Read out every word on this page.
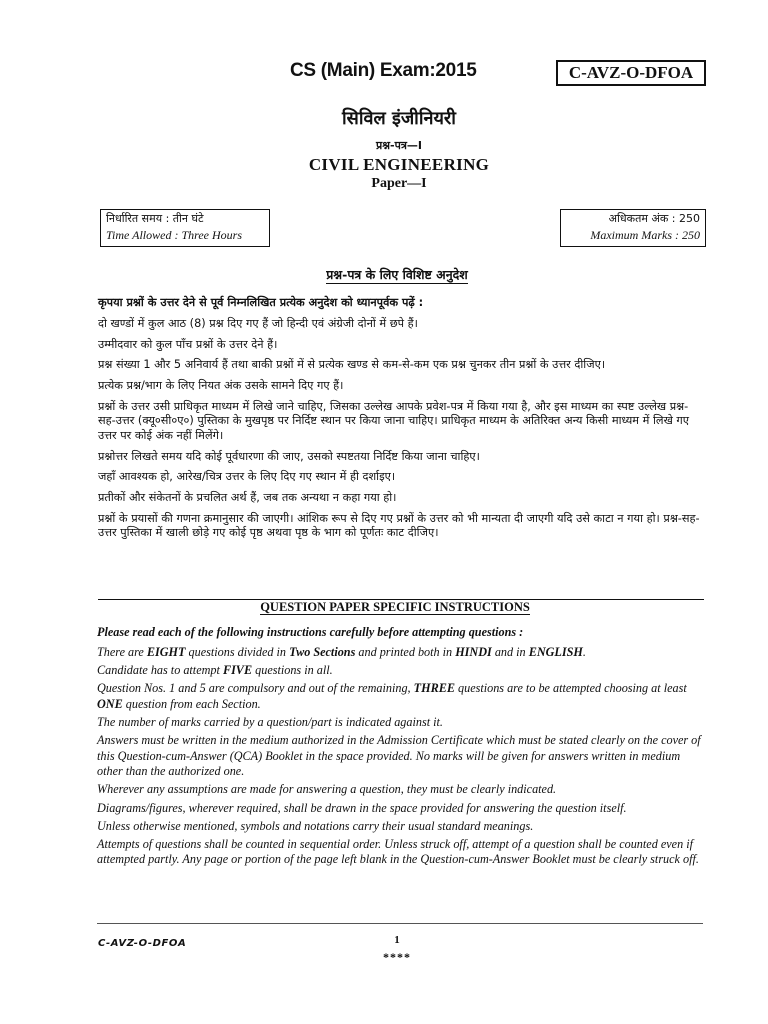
CS (Main) Exam:2015	C-AVZ-O-DFOA
सिविल इंजीनियरी
प्रश्न-पत्र—I
CIVIL ENGINEERING
Paper—I
निर्धारित समय : तीन घंटे
Time Allowed : Three Hours
अधिकतम अंक : 250
Maximum Marks : 250
प्रश्न-पत्र के लिए विशिष्ट अनुदेश

कृपया प्रश्नों के उत्तर देने से पूर्व निम्नलिखित प्रत्येक अनुदेश को ध्यानपूर्वक पढ़ें :

दो खण्डों में कुल आठ (8) प्रश्न दिए गए हैं जो हिन्दी एवं अंग्रेजी दोनों में छपे हैं।

उम्मीदवार को कुल पाँच प्रश्नों के उत्तर देने हैं।

प्रश्न संख्या 1 और 5 अनिवार्य हैं तथा बाकी प्रश्नों में से प्रत्येक खण्ड से कम-से-कम एक प्रश्न चुनकर तीन प्रश्नों के उत्तर दीजिए।

प्रत्येक प्रश्न/भाग के लिए नियत अंक उसके सामने दिए गए हैं।

प्रश्नों के उत्तर उसी प्राधिकृत माध्यम में लिखे जाने चाहिए, जिसका उल्लेख आपके प्रवेश-पत्र में किया गया है, और इस माध्यम का स्पष्ट उल्लेख प्रश्न-सह-उत्तर (क्यू०सी०ए०) पुस्तिका के मुखपृष्ठ पर निर्दिष्ट स्थान पर किया जाना चाहिए। प्राधिकृत माध्यम के अतिरिक्त अन्य किसी माध्यम में लिखे गए उत्तर पर कोई अंक नहीं मिलेंगे।

प्रश्नोत्तर लिखते समय यदि कोई पूर्वधारणा की जाए, उसको स्पष्टतया निर्दिष्ट किया जाना चाहिए।

जहाँ आवश्यक हो, आरेख/चित्र उत्तर के लिए दिए गए स्थान में ही दर्शाइए।

प्रतीकों और संकेतनों के प्रचलित अर्थ हैं, जब तक अन्यथा न कहा गया हो।

प्रश्नों के प्रयासों की गणना क्रमानुसार की जाएगी। आंशिक रूप से दिए गए प्रश्नों के उत्तर को भी मान्यता दी जाएगी यदि उसे काटा न गया हो। प्रश्न-सह-उत्तर पुस्तिका में खाली छोड़े गए कोई पृष्ठ अथवा पृष्ठ के भाग को पूर्णतः काट दीजिए।

QUESTION PAPER SPECIFIC INSTRUCTIONS

Please read each of the following instructions carefully before attempting questions :

There are EIGHT questions divided in Two Sections and printed both in HINDI and in ENGLISH.

Candidate has to attempt FIVE questions in all.

Question Nos. 1 and 5 are compulsory and out of the remaining, THREE questions are to be attempted choosing at least ONE question from each Section.

The number of marks carried by a question/part is indicated against it.

Answers must be written in the medium authorized in the Admission Certificate which must be stated clearly on the cover of this Question-cum-Answer (QCA) Booklet in the space provided. No marks will be given for answers written in medium other than the authorized one.

Wherever any assumptions are made for answering a question, they must be clearly indicated.

Diagrams/figures, wherever required, shall be drawn in the space provided for answering the question itself.

Unless otherwise mentioned, symbols and notations carry their usual standard meanings.

Attempts of questions shall be counted in sequential order. Unless struck off, attempt of a question shall be counted even if attempted partly. Any page or portion of the page left blank in the Question-cum-Answer Booklet must be clearly struck off.

C-AVZ-O-DFOA	1
****
